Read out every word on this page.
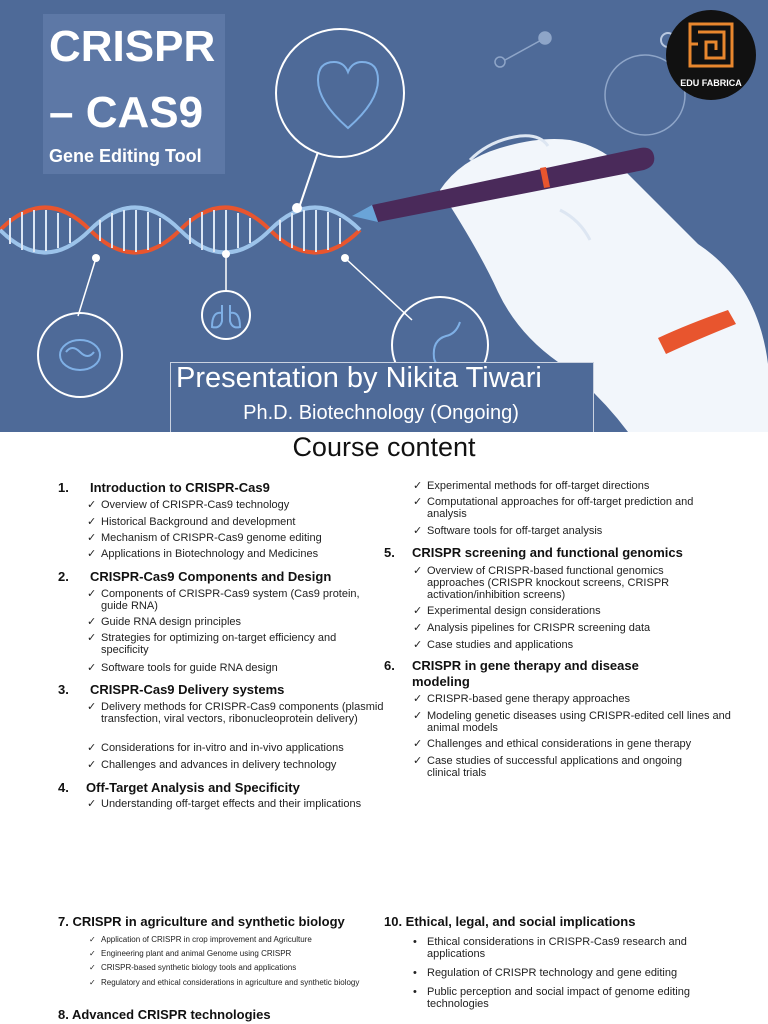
CRISPR
– CAS9
Gene Editing Tool
EDU FABRICA
Presentation by Nikita Tiwari
Ph.D. Biotechnology (Ongoing)
Course content
1. Introduction to CRISPR-Cas9
✓ Overview of CRISPR-Cas9 technology
✓ Historical Background and development
✓ Mechanism of CRISPR-Cas9 genome editing
✓ Applications in Biotechnology and Medicines
2. CRISPR-Cas9 Components and Design
✓ Components of CRISPR-Cas9 system (Cas9 protein, guide RNA)
✓ Guide RNA design principles
✓ Strategies for optimizing on-target efficiency and specificity
✓ Software tools for guide RNA design
3. CRISPR-Cas9 Delivery systems
✓ Delivery methods for CRISPR-Cas9 components (plasmid transfection, viral vectors, ribonucleoprotein delivery)
✓ Considerations for in-vitro and in-vivo applications
✓ Challenges and advances in delivery technology
4. Off-Target Analysis and Specificity
✓ Understanding off-target effects and their implications
✓ Experimental methods for off-target directions
✓ Computational approaches for off-target prediction and analysis
✓ Software tools for off-target analysis
5. CRISPR screening and functional genomics
✓ Overview of CRISPR-based functional genomics approaches (CRISPR knockout screens, CRISPR activation/inhibition screens)
✓ Experimental design considerations
✓ Analysis pipelines for CRISPR screening data
✓ Case studies and applications
6. CRISPR in gene therapy and disease
modeling
✓ CRISPR-based gene therapy approaches
✓ Modeling genetic diseases using CRISPR-edited cell lines and animal models
✓ Challenges and ethical considerations in gene therapy
✓ Case studies of successful applications and ongoing clinical trials
7. CRISPR in agriculture and synthetic biology
✓ Application of CRISPR in crop improvement and Agriculture
✓ Engineering plant and animal Genome using CRISPR
✓ CRISPR-based synthetic biology tools and applications
✓ Regulatory and ethical considerations in agriculture and synthetic biology
8. Advanced CRISPR technologies
10. Ethical, legal, and social implications
• Ethical considerations in CRISPR-Cas9 research and applications
• Regulation of CRISPR technology and gene editing
• Public perception and social impact of genome editing technologies
